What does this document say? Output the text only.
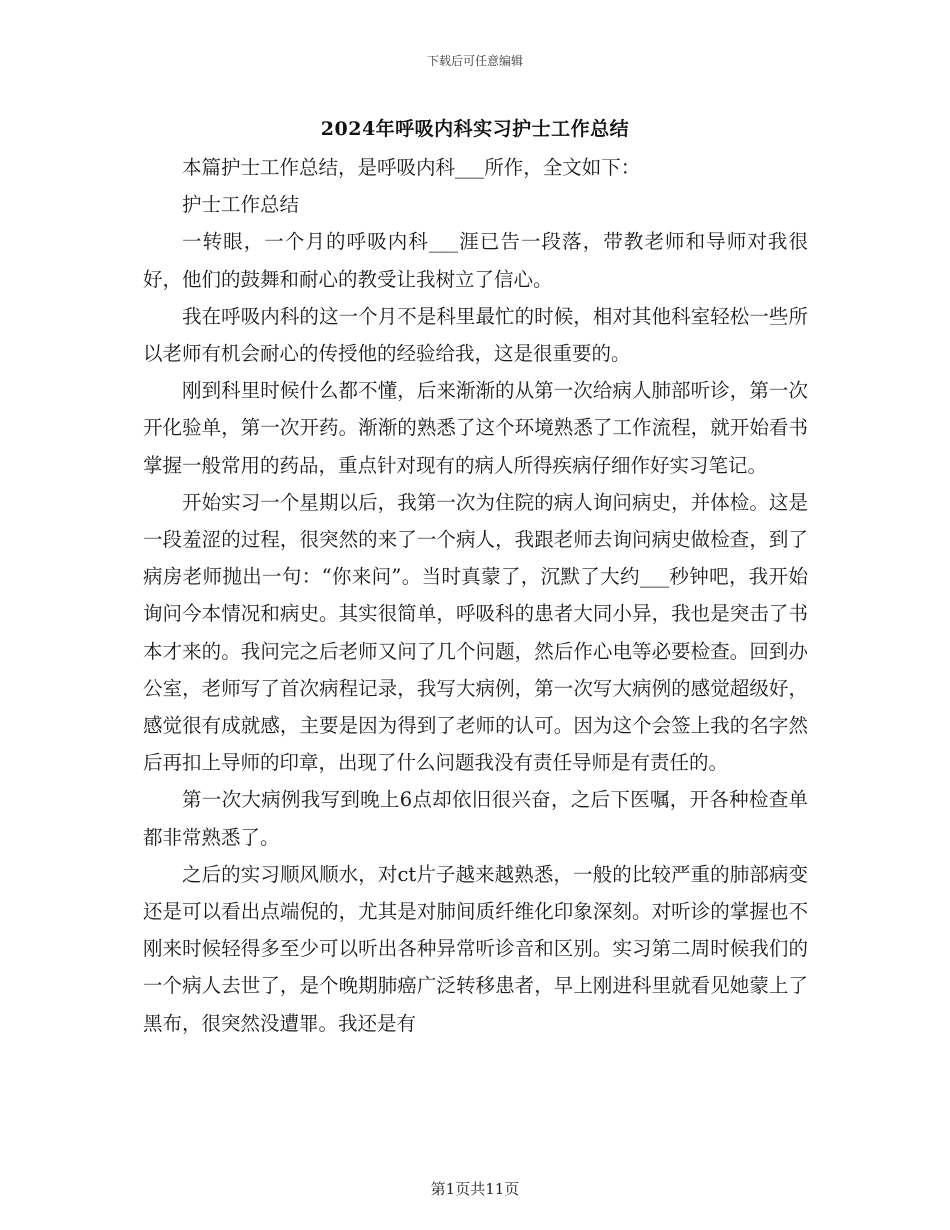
下载后可任意编辑
2024年呼吸内科实习护士工作总结

本篇护士工作总结，是呼吸内科___所作，全文如下：

护士工作总结

一转眼，一个月的呼吸内科___涯已告一段落，带教老师和导师对我很好，他们的鼓舞和耐心的教受让我树立了信心。

我在呼吸内科的这一个月不是科里最忙的时候，相对其他科室轻松一些所以老师有机会耐心的传授他的经验给我，这是很重要的。

刚到科里时候什么都不懂，后来渐渐的从第一次给病人肺部听诊，第一次开化验单，第一次开药。渐渐的熟悉了这个环境熟悉了工作流程，就开始看书掌握一般常用的药品，重点针对现有的病人所得疾病仔细作好实习笔记。

开始实习一个星期以后，我第一次为住院的病人询问病史，并体检。这是一段羞涩的过程，很突然的来了一个病人，我跟老师去询问病史做检查，到了病房老师抛出一句：“你来问”。当时真蒙了，沉默了大约___秒钟吧，我开始询问今本情况和病史。其实很简单，呼吸科的患者大同小异，我也是突击了书本才来的。我问完之后老师又问了几个问题，然后作心电等必要检查。回到办公室，老师写了首次病程记录，我写大病例，第一次写大病例的感觉超级好，感觉很有成就感，主要是因为得到了老师的认可。因为这个会签上我的名字然后再扣上导师的印章，出现了什么问题我没有责任导师是有责任的。

第一次大病例我写到晚上6点却依旧很兴奋，之后下医嘱，开各种检查单都非常熟悉了。

之后的实习顺风顺水，对ct片子越来越熟悉，一般的比较严重的肺部病变还是可以看出点端倪的，尤其是对肺间质纤维化印象深刻。对听诊的掌握也不刚来时候轻得多至少可以听出各种异常听诊音和区别。实习第二周时候我们的一个病人去世了，是个晚期肺癌广泛转移患者，早上刚进科里就看见她蒙上了黑布，很突然没遭罪。我还是有

第1页共11页
